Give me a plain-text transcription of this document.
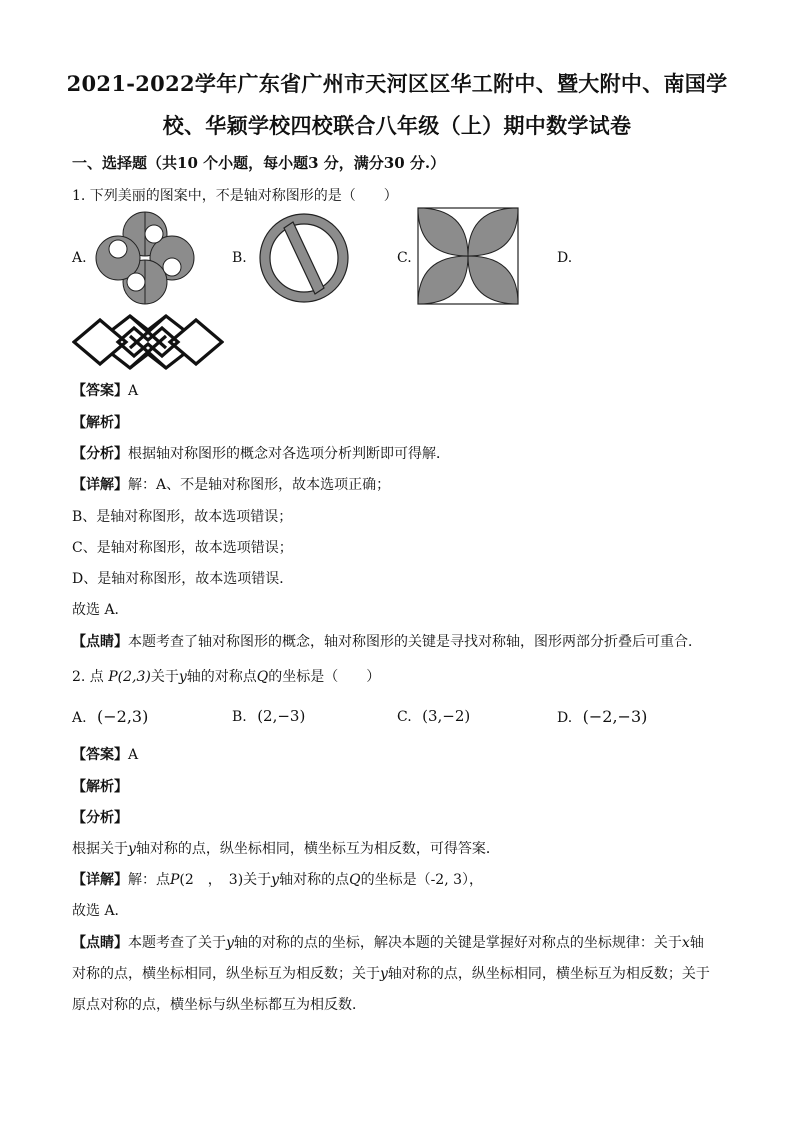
2021-2022学年广东省广州市天河区区华工附中、暨大附中、南国学
校、华颖学校四校联合八年级（上）期中数学试卷
一、选择题（共10 个小题，每小题3 分，满分30 分.）
1. 下列美丽的图案中，不是轴对称图形的是（　　）
A.	B.	C.	D.
【答案】A
【解析】
【分析】根据轴对称图形的概念对各选项分析判断即可得解．
【详解】解：A、不是轴对称图形，故本选项正确；
B、是轴对称图形，故本选项错误；
C、是轴对称图形，故本选项错误；
D、是轴对称图形，故本选项错误．
故选 A．
【点睛】本题考查了轴对称图形的概念，轴对称图形的关键是寻找对称轴，图形两部分折叠后可重合．
2. 点 P(2,3)关于y轴的对称点Q的坐标是（　　）
A. (−2,3)	B. (2,−3)	C. (3,−2)	D. (−2,−3)
【答案】A
【解析】
【分析】
根据关于y轴对称的点，纵坐标相同，横坐标互为相反数，可得答案．
【详解】解：点P(2　，　3)关于y轴对称的点Q的坐标是（-2, 3），
故选 A．
【点睛】本题考查了关于y轴的对称的点的坐标，解决本题的关键是掌握好对称点的坐标规律：关于x轴
对称的点，横坐标相同，纵坐标互为相反数；关于y轴对称的点，纵坐标相同，横坐标互为相反数；关于
原点对称的点，横坐标与纵坐标都互为相反数．
